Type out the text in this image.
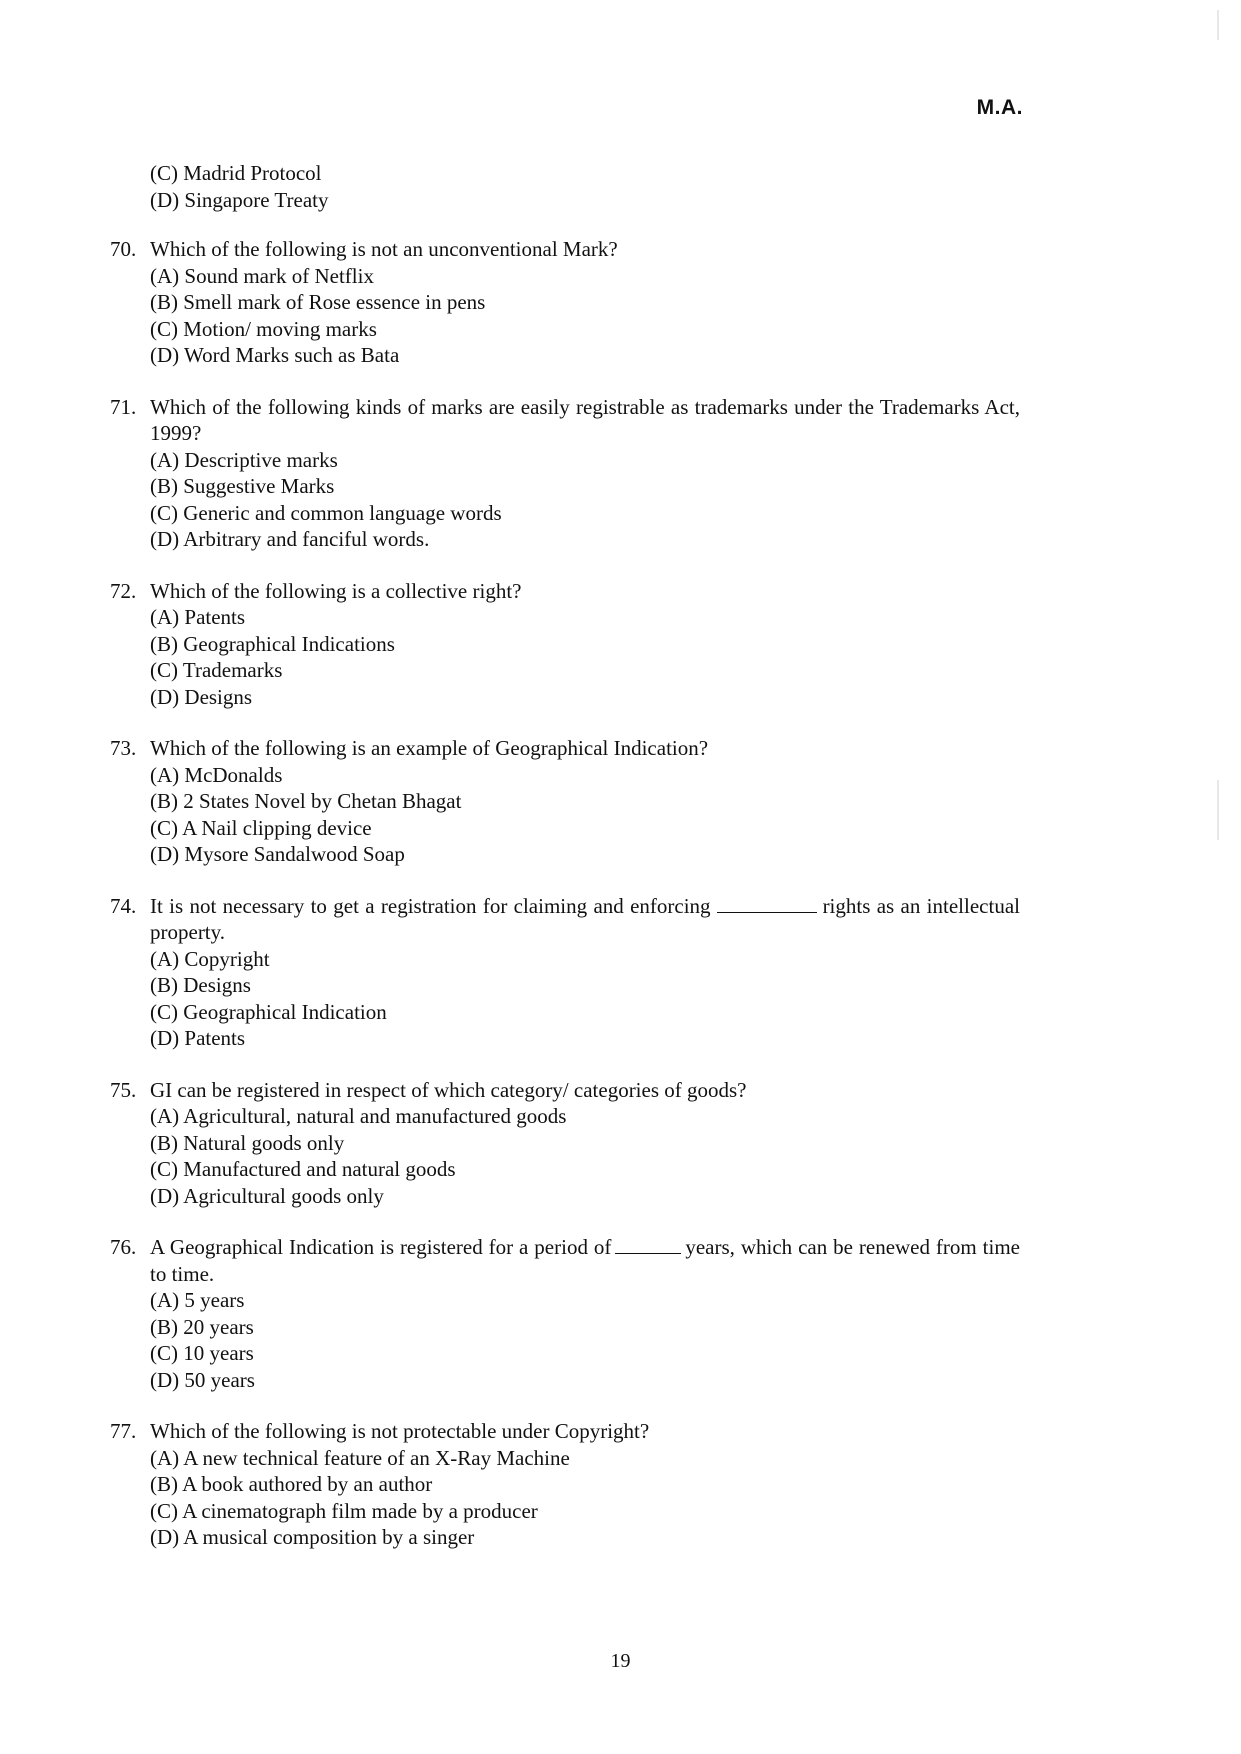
M.A.
(C) Madrid Protocol
(D) Singapore Treaty
70. Which of the following is not an unconventional Mark?
(A) Sound mark of Netflix
(B) Smell mark of Rose essence in pens
(C) Motion/ moving marks
(D) Word Marks such as Bata
71. Which of the following kinds of marks are easily registrable as trademarks under the Trademarks Act, 1999?
(A) Descriptive marks
(B) Suggestive Marks
(C) Generic and common language words
(D) Arbitrary and fanciful words.
72. Which of the following is a collective right?
(A) Patents
(B) Geographical Indications
(C) Trademarks
(D) Designs
73. Which of the following is an example of Geographical Indication?
(A) McDonalds
(B) 2 States Novel by Chetan Bhagat
(C) A Nail clipping device
(D) Mysore Sandalwood Soap
74. It is not necessary to get a registration for claiming and enforcing	rights as an intellectual property.
(A) Copyright
(B) Designs
(C) Geographical Indication
(D) Patents
75. GI can be registered in respect of which category/ categories of goods?
(A) Agricultural, natural and manufactured goods
(B) Natural goods only
(C) Manufactured and natural goods
(D) Agricultural goods only
76. A Geographical Indication is registered for a period of	years, which can be renewed from time to time.
(A) 5 years
(B) 20 years
(C) 10 years
(D) 50 years
77. Which of the following is not protectable under Copyright?
(A) A new technical feature of an X-Ray Machine
(B) A book authored by an author
(C) A cinematograph film made by a producer
(D) A musical composition by a singer
19
